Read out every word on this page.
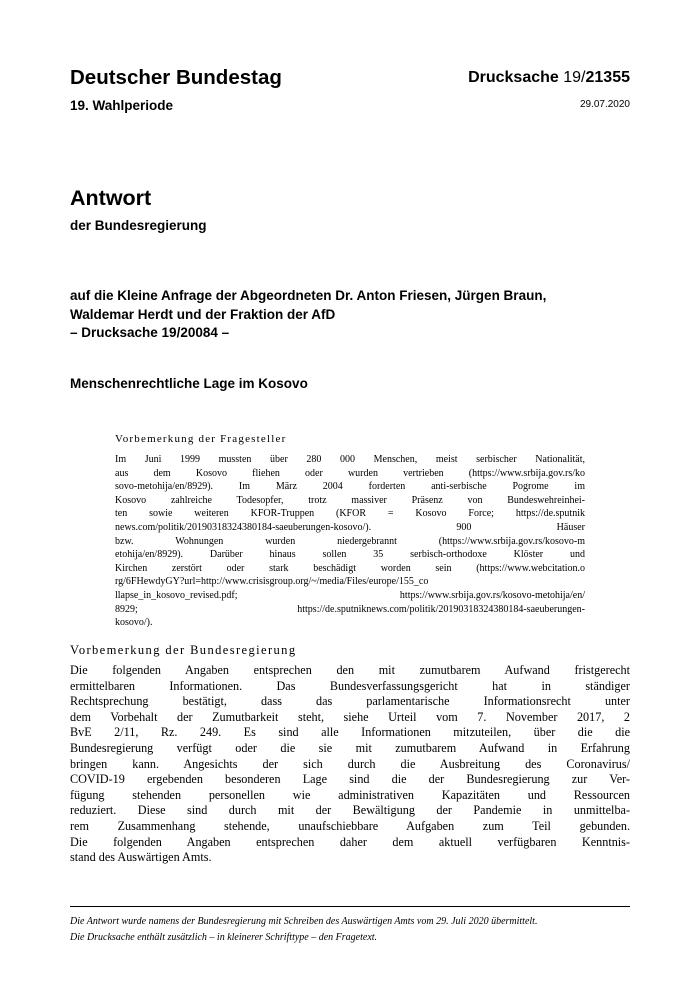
Deutscher Bundestag
19. Wahlperiode
Drucksache 19/21355
29.07.2020
Antwort
der Bundesregierung
auf die Kleine Anfrage der Abgeordneten Dr. Anton Friesen, Jürgen Braun,
Waldemar Herdt und der Fraktion der AfD
– Drucksache 19/20084 –
Menschenrechtliche Lage im Kosovo
Vorbemerkung der Fragesteller
Im Juni 1999 mussten über 280 000 Menschen, meist serbischer Nationalität,
aus dem Kosovo fliehen oder wurden vertrieben (https://www.srbija.gov.rs/ko
sovo-metohija/en/8929). Im März 2004 forderten anti-serbische Pogrome im
Kosovo zahlreiche Todesopfer, trotz massiver Präsenz von Bundeswehreinhei-
ten sowie weiteren KFOR-Truppen (KFOR = Kosovo Force; https://de.sputnik
news.com/politik/20190318324380184-saeuberungen-kosovo/). 900 Häuser
bzw. Wohnungen wurden niedergebrannt (https://www.srbija.gov.rs/kosovo-m
etohija/en/8929). Darüber hinaus sollen 35 serbisch-orthodoxe Klöster und
Kirchen zerstört oder stark beschädigt worden sein (https://www.webcitation.o
rg/6FHewdyGY?url=http://www.crisisgroup.org/~/media/Files/europe/155_co
llapse_in_kosovo_revised.pdf; https://www.srbija.gov.rs/kosovo-metohija/en/
8929; https://de.sputniknews.com/politik/20190318324380184-saeuberungen-
kosovo/).
Vorbemerkung der Bundesregierung
Die folgenden Angaben entsprechen den mit zumutbarem Aufwand fristgerecht
ermittelbaren Informationen. Das Bundesverfassungsgericht hat in ständiger
Rechtsprechung bestätigt, dass das parlamentarische Informationsrecht unter
dem Vorbehalt der Zumutbarkeit steht, siehe Urteil vom 7. November 2017, 2
BvE 2/11, Rz. 249. Es sind alle Informationen mitzuteilen, über die die
Bundesregierung verfügt oder die sie mit zumutbarem Aufwand in Erfahrung
bringen kann. Angesichts der sich durch die Ausbreitung des Coronavirus/
COVID-19 ergebenden besonderen Lage sind die der Bundesregierung zur Ver-
fügung stehenden personellen wie administrativen Kapazitäten und Ressourcen
reduziert. Diese sind durch mit der Bewältigung der Pandemie in unmittelba-
rem Zusammenhang stehende, unaufschiebbare Aufgaben zum Teil gebunden.
Die folgenden Angaben entsprechen daher dem aktuell verfügbaren Kenntnis-
stand des Auswärtigen Amts.
Die Antwort wurde namens der Bundesregierung mit Schreiben des Auswärtigen Amts vom 29. Juli 2020 übermittelt.
Die Drucksache enthält zusätzlich – in kleinerer Schrifttype – den Fragetext.
